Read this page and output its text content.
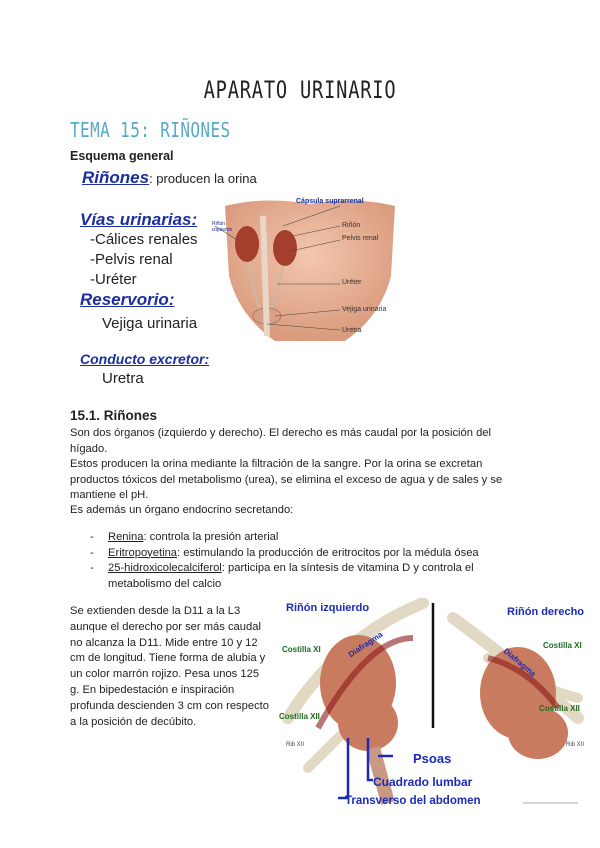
APARATO URINARIO
TEMA 15: RIÑONES
Esquema general
Riñones: producen la orina
Vías urinarias:
-Cálices renales
-Pelvis renal
-Uréter
Reservorio:
Vejiga urinaria
Conducto excretor:
Uretra
Cápsula suprarrenal
Riñón
Pelvis renal
Uréter
Vejiga urinaria
Uretra
Riñón izquierdo
15.1. Riñones
Son dos órganos (izquierdo y derecho). El derecho es más caudal por la posición del hígado.
Estos producen la orina mediante la filtración de la sangre. Por la orina se excretan productos tóxicos del metabolismo (urea), se elimina el exceso de agua y de sales y se mantiene el pH.
Es además un órgano endocrino secretando:
-	Renina: controla la presión arterial
-	Eritropoyetina: estimulando la producción de eritrocitos por la médula ósea
-	25-hidroxicolecalciferol: participa en la síntesis de vitamina D y controla el metabolismo del calcio
Se extienden desde la D11 a la L3 aunque el derecho por ser más caudal no alcanza la D11. Mide entre 10 y 12 cm de longitud. Tiene forma de alubia y un color marrón rojizo. Pesa unos 125 g. En bipedestación e inspiración profunda descienden 3 cm con respecto a la posición de decúbito.
Riñón izquierdo	Riñón derecho
Costilla XI	Costilla XI
Costilla XII
Costilla XII
Diafragma
Diafragma
Rib XII	Rib XII
Psoas
Cuadrado lumbar
Transverso del abdomen
